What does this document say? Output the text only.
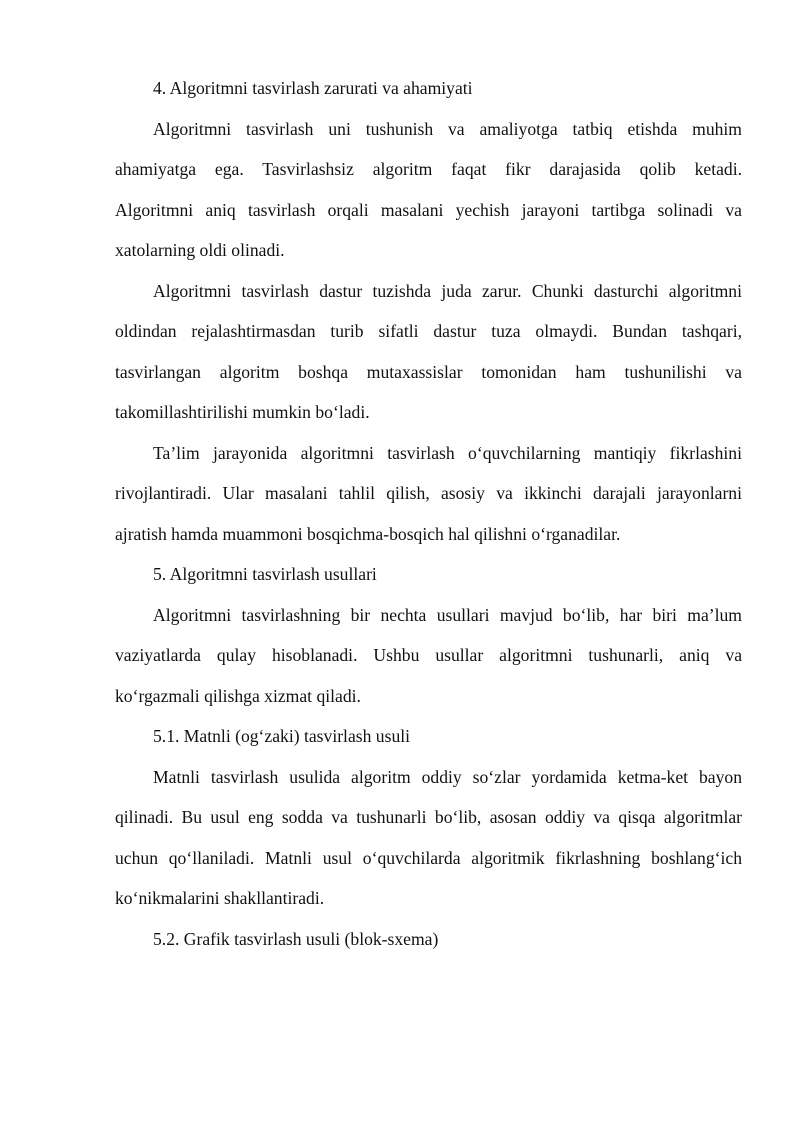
4. Algoritmni tasvirlash zarurati va ahamiyati
Algoritmni tasvirlash uni tushunish va amaliyotga tatbiq etishda muhim
ahamiyatga ega. Tasvirlashsiz algoritm faqat fikr darajasida qolib ketadi.
Algoritmni aniq tasvirlash orqali masalani yechish jarayoni tartibga solinadi va
xatolarning oldi olinadi.
Algoritmni tasvirlash dastur tuzishda juda zarur. Chunki dasturchi algoritmni
oldindan rejalashtirmasdan turib sifatli dastur tuza olmaydi. Bundan tashqari,
tasvirlangan algoritm boshqa mutaxassislar tomonidan ham tushunilishi va
takomillashtirilishi mumkin bo‘ladi.
Ta’lim jarayonida algoritmni tasvirlash o‘quvchilarning mantiqiy fikrlashini
rivojlantiradi. Ular masalani tahlil qilish, asosiy va ikkinchi darajali jarayonlarni
ajratish hamda muammoni bosqichma-bosqich hal qilishni o‘rganadilar.
5. Algoritmni tasvirlash usullari
Algoritmni tasvirlashning bir nechta usullari mavjud bo‘lib, har biri ma’lum
vaziyatlarda qulay hisoblanadi. Ushbu usullar algoritmni tushunarli, aniq va
ko‘rgazmali qilishga xizmat qiladi.
5.1. Matnli (og‘zaki) tasvirlash usuli
Matnli tasvirlash usulida algoritm oddiy so‘zlar yordamida ketma-ket bayon
qilinadi. Bu usul eng sodda va tushunarli bo‘lib, asosan oddiy va qisqa algoritmlar
uchun qo‘llaniladi. Matnli usul o‘quvchilarda algoritmik fikrlashning boshlang‘ich
ko‘nikmalarini shakllantiradi.
5.2. Grafik tasvirlash usuli (blok-sxema)
